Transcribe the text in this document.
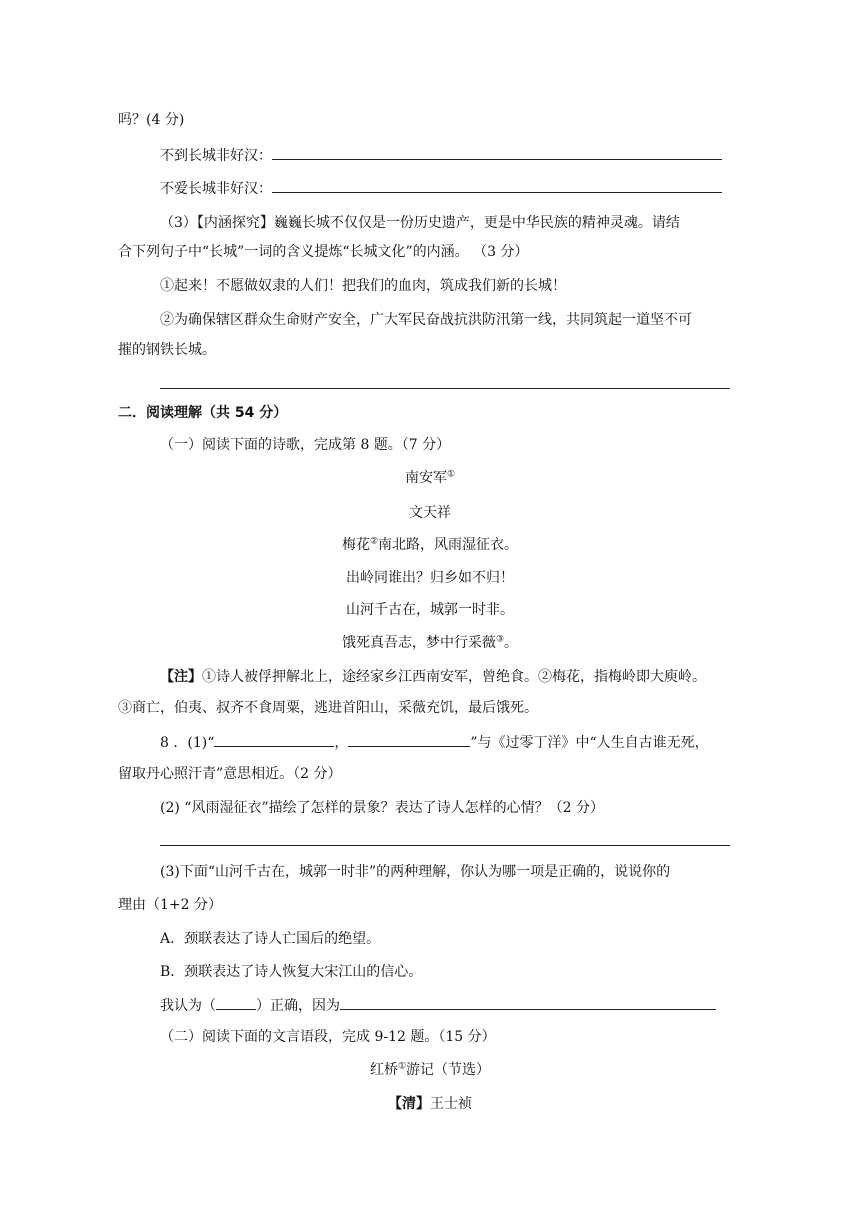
吗？(4 分)
不到长城非好汉：
不爱长城非好汉：
（3）【内涵探究】巍巍长城不仅仅是一份历史遗产，更是中华民族的精神灵魂。请结
合下列句子中“长城”一词的含义提炼“长城文化”的内涵。 （3 分）
①起来！不愿做奴隶的人们！把我们的血肉，筑成我们新的长城！
②为确保辖区群众生命财产安全，广大军民奋战抗洪防汛第一线，共同筑起一道坚不可
摧的钢铁长城。
二．阅读理解（共 54 分）
（一）阅读下面的诗歌，完成第 8 题。（7 分）
南安军①
文天祥
梅花②南北路，风雨湿征衣。
出岭同谁出？归乡如不归！
山河千古在，城郭一时非。
饿死真吾志，梦中行采薇③。
【注】①诗人被俘押解北上，途经家乡江西南安军，曾绝食。②梅花，指梅岭即大庾岭。
③商亡，伯夷、叔齐不食周粟，逃进首阳山，采薇充饥，最后饿死。
8 ．(1)“	，	”与《过零丁洋》中“人生自古谁无死，
留取丹心照汗青”意思相近。（2 分）
(2) “风雨湿征衣”描绘了怎样的景象？表达了诗人怎样的心情？（2 分）
(3)下面“山河千古在，城郭一时非”的两种理解，你认为哪一项是正确的，说说你的
理由（1+2 分）
A．颈联表达了诗人亡国后的绝望。
B．颈联表达了诗人恢复大宋江山的信心。
我认为（	）正确，因为
（二）阅读下面的文言语段，完成 9-12 题。（15 分）
红桥①游记（节选）
【清】王士祯
